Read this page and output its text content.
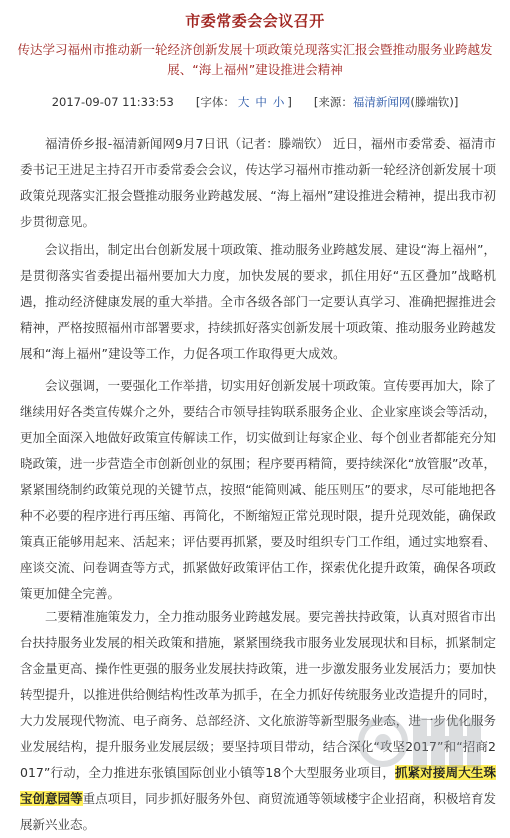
市委常委会会议召开
传达学习福州市推动新一轮经济创新发展十项政策兑现落实汇报会暨推动服务业跨越发展、“海上福州”建设推进会精神
2017-09-07 11:33:53 [字体： 大 中 小 ] [来源：福清新闻网(滕端钦)]

福清侨乡报-福清新闻网9月7日讯（记者：滕端钦） 近日，福州市委常委、福清市委书记王进足主持召开市委常委会会议，传达学习福州市推动新一轮经济创新发展十项政策兑现落实汇报会暨推动服务业跨越发展、“海上福州”建设推进会精神，提出我市初步贯彻意见。

会议指出，制定出台创新发展十项政策、推动服务业跨越发展、建设“海上福州”，是贯彻落实省委提出福州要加大力度，加快发展的要求，抓住用好“五区叠加”战略机遇，推动经济健康发展的重大举措。全市各级各部门一定要认真学习、准确把握推进会精神，严格按照福州市部署要求，持续抓好落实创新发展十项政策、推动服务业跨越发展和“海上福州”建设等工作，力促各项工作取得更大成效。

会议强调，一要强化工作举措，切实用好创新发展十项政策。宣传要再加大，除了继续用好各类宣传媒介之外，要结合市领导挂钩联系服务企业、企业家座谈会等活动，更加全面深入地做好政策宣传解读工作，切实做到让每家企业、每个创业者都能充分知晓政策，进一步营造全市创新创业的氛围；程序要再精简，要持续深化“放管服”改革，紧紧围绕制约政策兑现的关键节点，按照“能简则减、能压则压”的要求，尽可能地把各种不必要的程序进行再压缩、再简化，不断缩短正常兑现时限，提升兑现效能，确保政策真正能够用起来、活起来；评估要再抓紧，要及时组织专门工作组，通过实地察看、座谈交流、问卷调查等方式，抓紧做好政策评估工作，探索优化提升政策，确保各项政策更加健全完善。

二要精准施策发力，全力推动服务业跨越发展。要完善扶持政策，认真对照省市出台扶持服务业发展的相关政策和措施，紧紧围绕我市服务业发展现状和目标，抓紧制定含金量更高、操作性更强的服务业发展扶持政策，进一步激发服务业发展活力；要加快转型提升，以推进供给侧结构性改革为抓手，在全力抓好传统服务业改造提升的同时，大力发展现代物流、电子商务、总部经济、文化旅游等新型服务业态，进一步优化服务业发展结构，提升服务业发展层级；要坚持项目带动，结合深化“攻坚2017”和“招商2017”行动，全力推进东张镇国际创业小镇等18个大型服务业项目，抓紧对接周大生珠宝创意园等重点项目，同步抓好服务外包、商贸流通等领域楼宇企业招商，积极培育发展新兴业态。
